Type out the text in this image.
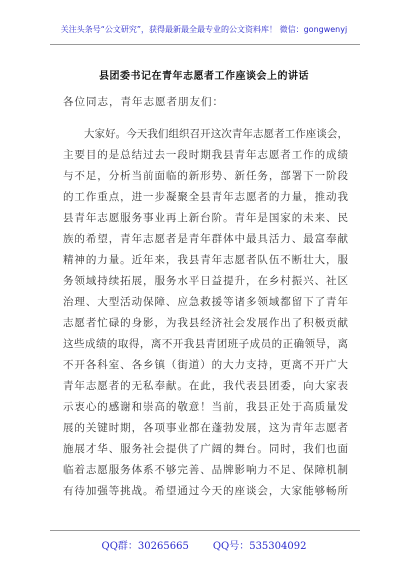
关注头条号“公文研究”，获得最新最全最专业的公文资料库！ 微信：gongwenyj
县团委书记在青年志愿者工作座谈会上的讲话
各位同志，青年志愿者朋友们：
大家好。今天我们组织召开这次青年志愿者工作座谈会，
主要目的是总结过去一段时期我县青年志愿者工作的成绩
与不足，分析当前面临的新形势、新任务，部署下一阶段
的工作重点，进一步凝聚全县青年志愿者的力量，推动我
县青年志愿服务事业再上新台阶。青年是国家的未来、民
族的希望，青年志愿者是青年群体中最具活力、最富奉献
精神的力量。近年来，我县青年志愿者队伍不断壮大，服
务领域持续拓展，服务水平日益提升，在乡村振兴、社区
治理、大型活动保障、应急救援等诸多领域都留下了青年
志愿者忙碌的身影，为我县经济社会发展作出了积极贡献
这些成绩的取得，离不开我县青团班子成员的正确领导，离
不开各科室、各乡镇（街道）的大力支持，更离不开广大
青年志愿者的无私奉献。在此，我代表县团委，向大家表
示衷心的感谢和崇高的敬意！当前，我县正处于高质量发
展的关键时期，各项事业都在蓬勃发展，这为青年志愿者
施展才华、服务社会提供了广阔的舞台。同时，我们也面
临着志愿服务体系不够完善、品牌影响力不足、保障机制
有待加强等挑战。希望通过今天的座谈会，大家能够畅所
QQ群：30265665 QQ号：535304092
